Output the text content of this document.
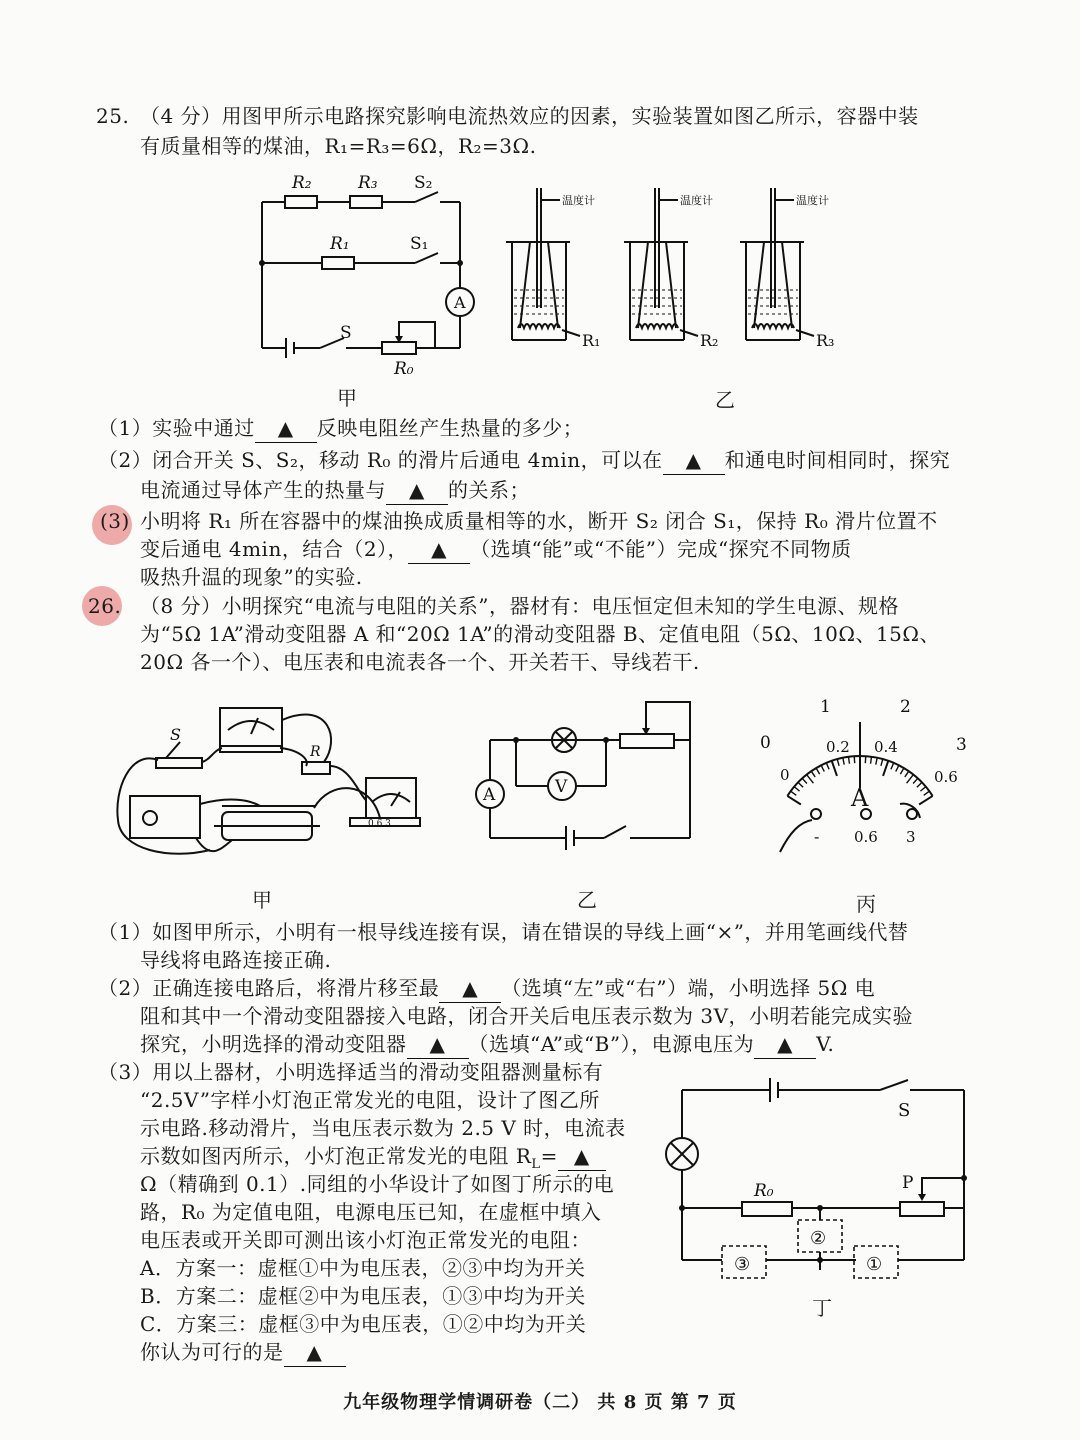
25. （4 分）用图甲所示电路探究影响电流热效应的因素，实验装置如图乙所示，容器中装
有质量相等的煤油，R₁=R₃=6Ω，R₂=3Ω.
R₂	R₃ S₂
R₁	S₁
A
S
R₀
甲
温度计	温度计	温度计
R₁	R₂	R₃
乙
（1）实验中通过 ▲ 反映电阻丝产生热量的多少；
（2）闭合开关 S、S₂，移动 R₀ 的滑片后通电 4min，可以在 ▲ 和通电时间相同时，探究
电流通过导体产生的热量与 ▲ 的关系；
(3) 小明将 R₁ 所在容器中的煤油换成质量相等的水，断开 S₂ 闭合 S₁，保持 R₀ 滑片位置不
变后通电 4min，结合（2）， ▲ （选填“能”或“不能”）完成“探究不同物质
吸热升温的现象”的实验.
26. （8 分）小明探究“电流与电阻的关系”，器材有：电压恒定但未知的学生电源、规格
为“5Ω 1A”滑动变阻器 A 和“20Ω 1A”的滑动变阻器 B、定值电阻（5Ω、10Ω、15Ω、
20Ω 各一个）、电压表和电流表各一个、开关若干、导线若干.
S
R
0.6 3
甲
A	V
乙
0
1	2
3
0
0.2 0.4
0.6
A
- 0.6 3
丙
（1）如图甲所示，小明有一根导线连接有误，请在错误的导线上画“×”，并用笔画线代替
导线将电路连接正确.
（2）正确连接电路后，将滑片移至最 ▲ （选填“左”或“右”）端，小明选择 5Ω 电
阻和其中一个滑动变阻器接入电路，闭合开关后电压表示数为 3V，小明若能完成实验
探究，小明选择的滑动变阻器 ▲ （选填“A”或“B”），电源电压为 ▲ V.
（3）用以上器材，小明选择适当的滑动变阻器测量标有
“2.5V”字样小灯泡正常发光的电阻，设计了图乙所
示电路.移动滑片，当电压表示数为 2.5 V 时，电流表
示数如图丙所示，小灯泡正常发光的电阻 $R_L=$ ▲
Ω（精确到 0.1）.同组的小华设计了如图丁所示的电
路，R₀ 为定值电阻，电源电压已知，在虚框中填入
电压表或开关即可测出该小灯泡正常发光的电阻：
A．方案一：虚框①中为电压表，②③中均为开关
B．方案二：虚框②中为电压表，①③中均为开关
C．方案三：虚框③中为电压表，①②中均为开关
你认为可行的是 ▲
S
R₀	P
②
③	①
丁
九年级物理学情调研卷（二） 共 8 页 第 7 页
